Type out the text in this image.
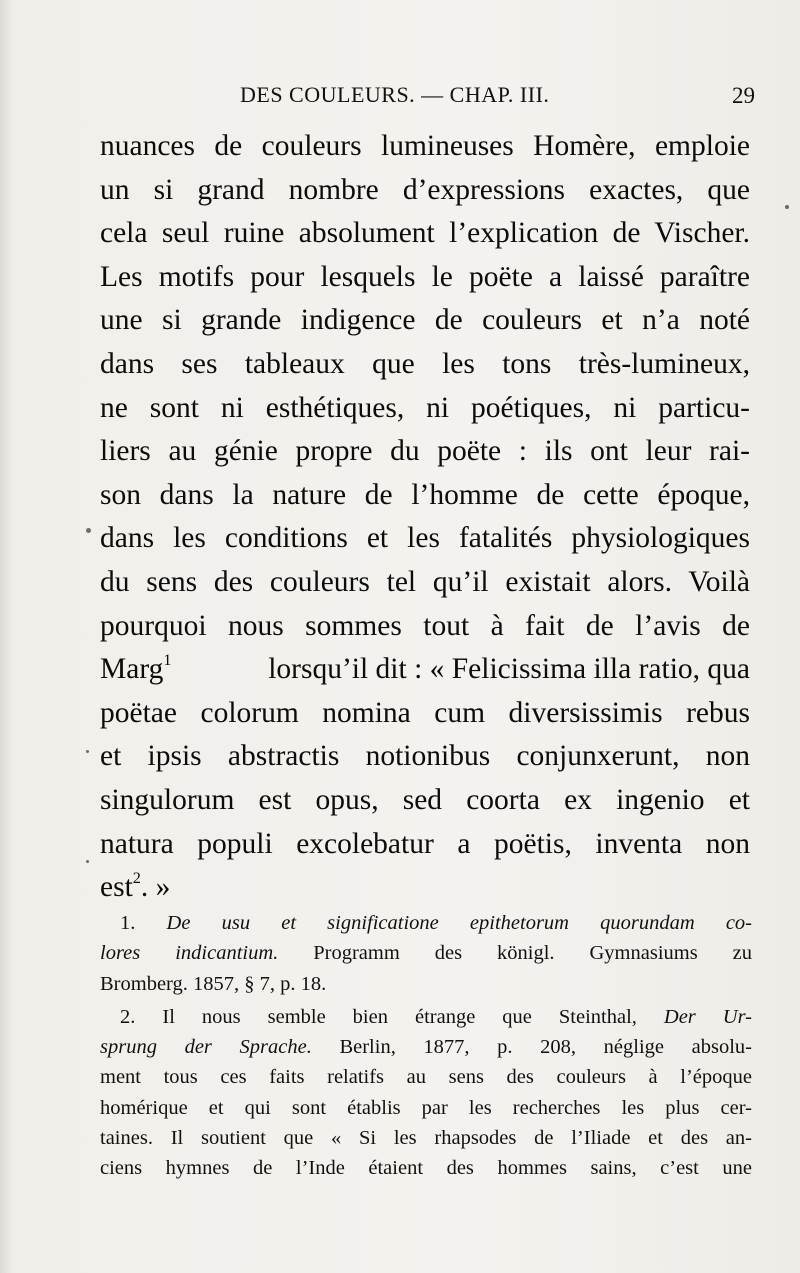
DES COULEURS. — CHAP. III.	29
nuances de couleurs lumineuses Homère, emploie
un si grand nombre d’expressions exactes, que
cela seul ruine absolument l’explication de Vischer.
Les motifs pour lesquels le poëte a laissé paraître
une si grande indigence de couleurs et n’a noté
dans ses tableaux que les tons très-lumineux,
ne sont ni esthétiques, ni poétiques, ni particu-
liers au génie propre du poëte : ils ont leur rai-
son dans la nature de l’homme de cette époque,
dans les conditions et les fatalités physiologiques
du sens des couleurs tel qu’il existait alors. Voilà
pourquoi nous sommes tout à fait de l’avis de
Marg$^1$	lorsqu’il dit : « Felicissima illa ratio, qua
poëtae colorum nomina cum diversissimis rebus
et ipsis abstractis notionibus conjunxerunt, non
singulorum est opus, sed coorta ex ingenio et
natura populi excolebatur a poëtis, inventa non
est$^2$. »
1. De usu et significatione epithetorum quorundam co-
lores indicantium. Programm des königl. Gymnasiums zu
Bromberg. 1857, § 7, p. 18.
2. Il nous semble bien étrange que Steinthal, Der Ur-
sprung der Sprache. Berlin, 1877, p. 208, néglige absolu-
ment tous ces faits relatifs au sens des couleurs à l’époque
homérique et qui sont établis par les recherches les plus cer-
taines. Il soutient que « Si les rhapsodes de l’Iliade et des an-
ciens hymnes de l’Inde étaient des hommes sains, c’est une
